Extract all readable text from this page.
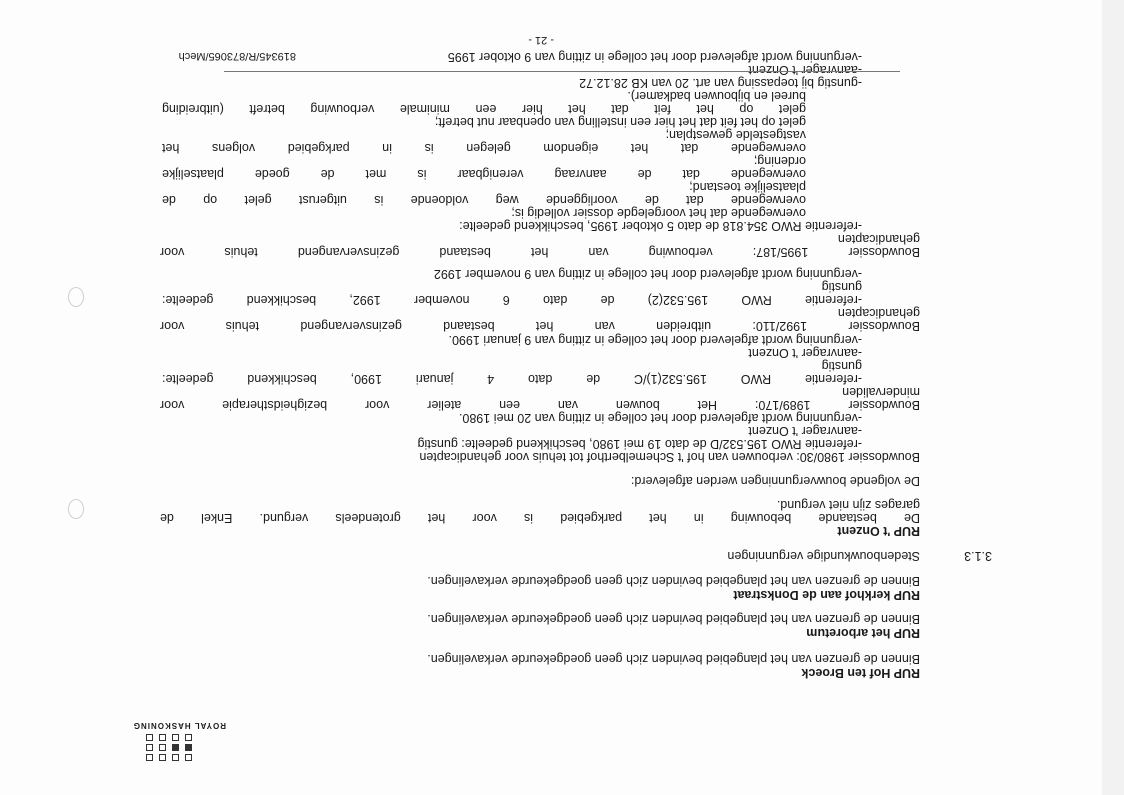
ROYAL HASKONING
RUP Hof ten Broeck
Binnen de grenzen van het plangebied bevinden zich geen goedgekeurde verkavelingen.
RUP het arboretum
Binnen de grenzen van het plangebied bevinden zich geen goedgekeurde verkavelingen.
RUP kerkhof aan de Donkstraat
Binnen de grenzen van het plangebied bevinden zich geen goedgekeurde verkavelingen.
3.1.3
Stedenbouwkundige vergunningen
RUP 't Onzent
De bestaande bebouwing in het parkgebied is voor het grotendeels vergund. Enkel de
garages zijn niet vergund.
De volgende bouwvergunningen werden afgeleverd:
Bouwdossier 1980/30: verbouwen van hof 't Schemelberthof tot tehuis voor gehandicapten
-referentie RWO 195.532/D de dato 19 mei 1980, beschikkend gedeelte: gunstig
-aanvrager 't Onzent
-vergunning wordt afgeleverd door het college in zitting van 20 mei 1980.
Bouwdossier 1989/170: Het bouwen van een atelier voor bezigheidstherapie voor
mindervaliden
-referentie RWO 195.532(1)/C de dato 4 januari 1990, beschikkend gedeelte:
gunstig
-aanvrager 't Onzent
-vergunning wordt afgeleverd door het college in zitting van 9 januari 1990.
Bouwdossier 1992/110: uitbreiden van het bestaand gezinsvervangend tehuis voor
gehandicapten
-referentie RWO 195.532(2) de dato 6 november 1992, beschikkend gedeelte:
gunstig
-vergunning wordt afgeleverd door het college in zitting van 9 november 1992
Bouwdossier 1995/187: verbouwing van het bestaand gezinsvervangend tehuis voor
gehandicapten
-referentie RWO 354.818 de dato 5 oktober 1995, beschikkend gedeelte:
overwegende dat het voorgelegde dossier volledig is;
overwegende dat de voorliggende weg voldoende is uitgerust gelet op de
plaatselijke toestand;
overwegende dat de aanvraag verenigbaar is met de goede plaatselijke
ordening;
overwegende dat het eigendom gelegen is in parkgebied volgens het
vastgestelde gewestplan;
gelet op het feit dat het hier een instelling van openbaar nut betreft;
gelet op het feit dat het hier een minimale verbouwing betreft (uitbreiding
bureel en bijbouwen badkamer).
-gunstig bij toepassing van art. 20 van KB 28.12.72
-aanvrager 't Onzent
-vergunning wordt afgeleverd door het college in zitting van 9 oktober 1995
- 21 -
819345/R/873065/Mech
